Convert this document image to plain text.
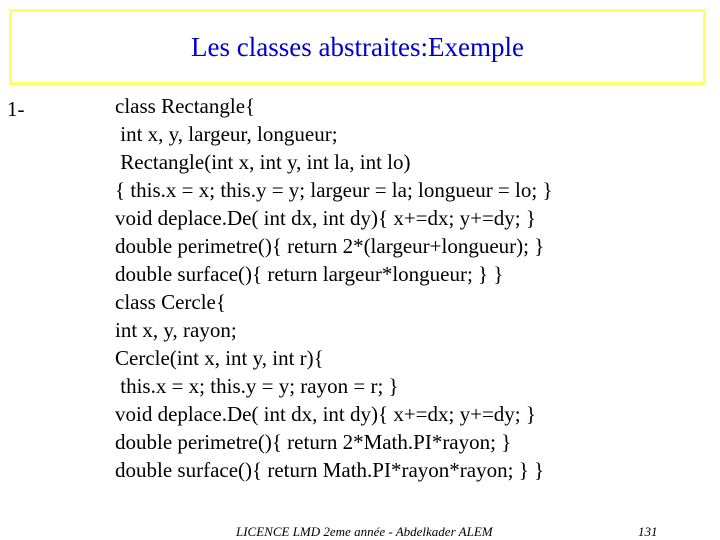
Les classes abstraites:Exemple
1-	class Rectangle{
int x, y, largeur, longueur;
Rectangle(int x, int y, int la, int lo)
{ this.x = x; this.y = y; largeur = la; longueur = lo; }
void deplace.De( int dx, int dy){ x+=dx; y+=dy; }
double perimetre(){ return 2*(largeur+longueur); }
double surface(){ return largeur*longueur; } }
class Cercle{
int x, y, rayon;
Cercle(int x, int y, int r){
this.x = x; this.y = y; rayon = r; }
void deplace.De( int dx, int dy){ x+=dx; y+=dy; }
double perimetre(){ return 2*Math.PI*rayon; }
double surface(){ return Math.PI*rayon*rayon; } }
LICENCE LMD 2eme année - Abdelkader ALEM	131
